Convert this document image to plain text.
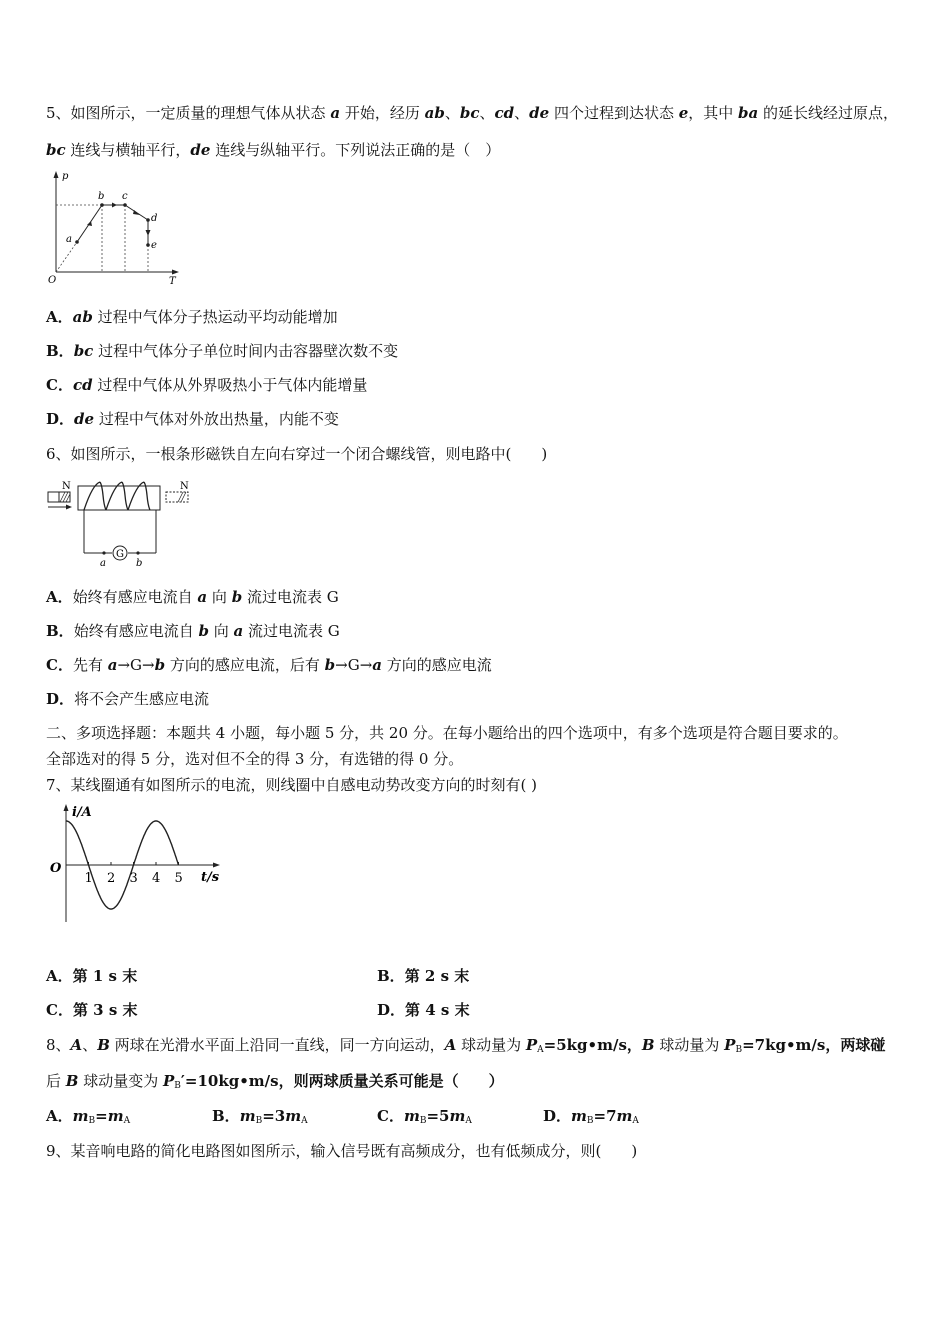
5、如图所示，一定质量的理想气体从状态 a 开始，经历 ab、bc、cd、de 四个过程到达状态 e，其中 ba 的延长线经过原点，
bc 连线与横轴平行，de 连线与纵轴平行。下列说法正确的是（　）
p
T
O
a
b c
d
e
A．ab 过程中气体分子热运动平均动能增加
B．bc 过程中气体分子单位时间内击容器壁次数不变
C．cd 过程中气体从外界吸热小于气体内能增量
D．de 过程中气体对外放出热量，内能不变
6、如图所示，一根条形磁铁自左向右穿过一个闭合螺线管，则电路中(　　)
N	N
G
a	b
A．始终有感应电流自 a 向 b 流过电流表 G
B．始终有感应电流自 b 向 a 流过电流表 G
C．先有 a→G→b 方向的感应电流，后有 b→G→a 方向的感应电流
D．将不会产生感应电流
二、多项选择题：本题共 4 小题，每小题 5 分，共 20 分。在每小题给出的四个选项中，有多个选项是符合题目要求的。
全部选对的得 5 分，选对但不全的得 3 分，有选错的得 0 分。
7、某线圈通有如图所示的电流，则线圈中自感电动势改变方向的时刻有( )
i/A
t/s
O
1 2 3 4 5
A．第 1 s 末	B．第 2 s 末
C．第 3 s 末	D．第 4 s 末
8、A、B 两球在光滑水平面上沿同一直线，同一方向运动，A 球动量为 $P_A=5kg•m/s$，B 球动量为 $P_B=7kg•m/s$，两球碰
后 B 球动量变为 $P_B'=10kg•m/s$，则两球质量关系可能是（　　）
A．$m_B=m_A$	B．$m_B=3m_A$	C．$m_B=5m_A$	D．$m_B=7m_A$
9、某音响电路的简化电路图如图所示，输入信号既有高频成分，也有低频成分，则(　　)
